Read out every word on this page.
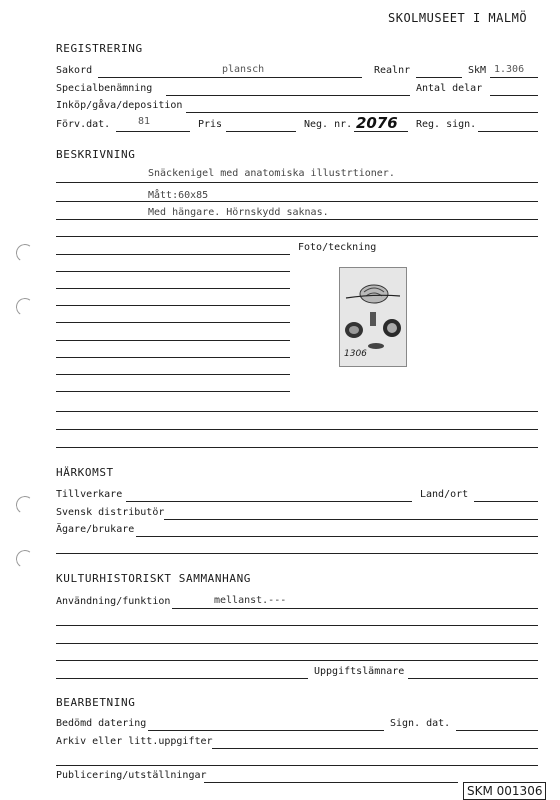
SKOLMUSEET I MALMÖ
REGISTRERING
Sakord	plansch	Realnr	SkM 1.306
Specialbenämning	Antal delar
Inköp/gåva/deposition
Förv.dat.	81	Pris	Neg. nr. 2076 Reg. sign.
BESKRIVNING
Snäckenigel med anatomiska illustrtioner.
Mått:60x85
Med hängare. Hörnskydd saknas.
Foto/teckning
1306
HÄRKOMST
Tillverkare	Land/ort
Svensk distributör
Ägare/brukare
KULTURHISTORISKT SAMMANHANG
Användning/funktion	mellanst.---
Uppgiftslämnare
BEARBETNING
Bedömd datering	Sign. dat.
Arkiv eller litt.uppgifter
Publicering/utställningar
SKM 001306
